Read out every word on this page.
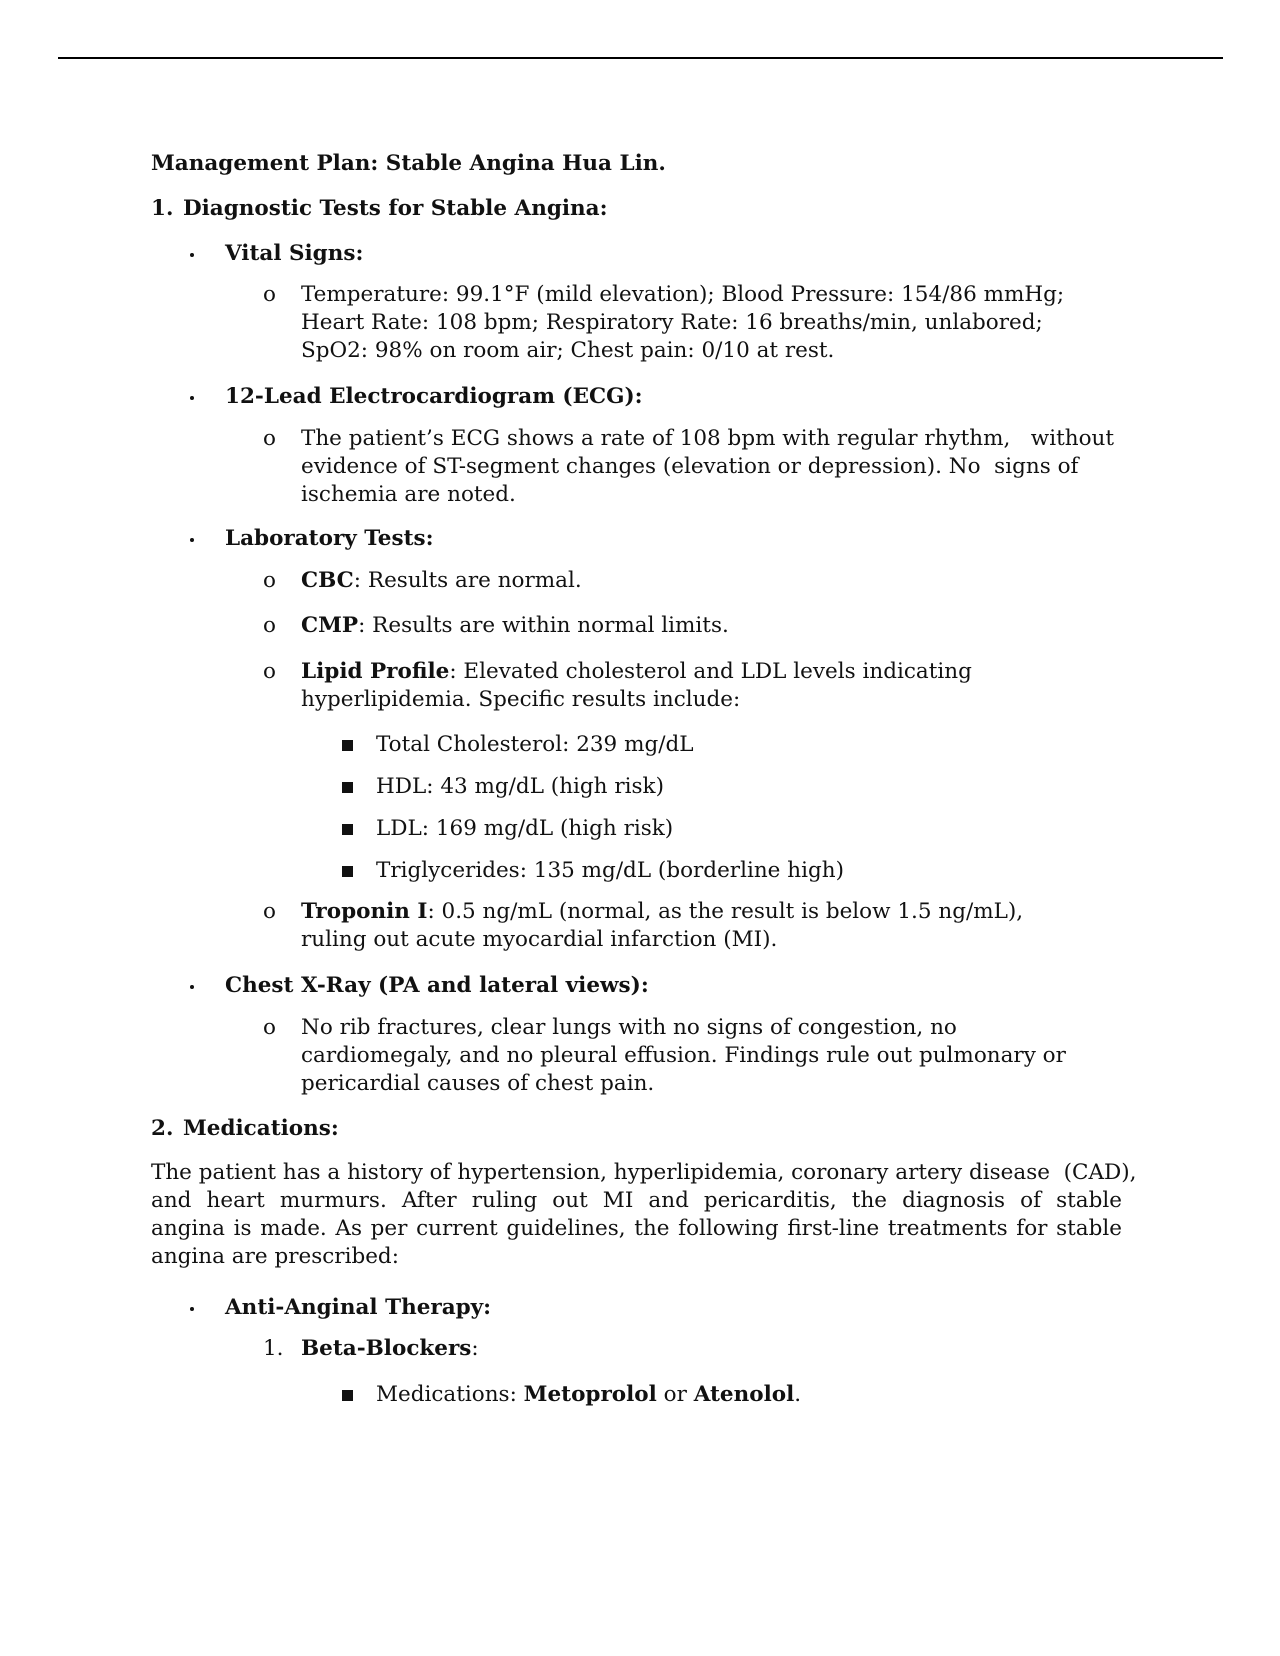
Management Plan: Stable Angina Hua Lin.
1. Diagnostic Tests for Stable Angina:
Vital Signs:
o Temperature: 99.1°F (mild elevation); Blood Pressure: 154/86 mmHg;
Heart Rate: 108 bpm; Respiratory Rate: 16 breaths/min, unlabored;
SpO2: 98% on room air; Chest pain: 0/10 at rest.
12-Lead Electrocardiogram (ECG):
o The patient’s ECG shows a rate of 108 bpm with regular rhythm,   without
evidence of ST-segment changes (elevation or depression). No  signs of
ischemia are noted.
Laboratory Tests:
o CBC: Results are normal.
o CMP: Results are within normal limits.
o Lipid Profile: Elevated cholesterol and LDL levels indicating
hyperlipidemia. Specific results include:
Total Cholesterol: 239 mg/dL
HDL: 43 mg/dL (high risk)
LDL: 169 mg/dL (high risk)
Triglycerides: 135 mg/dL (borderline high)
o Troponin I: 0.5 ng/mL (normal, as the result is below 1.5 ng/mL),
ruling out acute myocardial infarction (MI).
Chest X-Ray (PA and lateral views):
o No rib fractures, clear lungs with no signs of congestion, no
cardiomegaly, and no pleural effusion. Findings rule out pulmonary or
pericardial causes of chest pain.
2. Medications:
The patient has a history of hypertension, hyperlipidemia, coronary artery disease  (CAD),
and heart murmurs. After ruling out MI and pericarditis, the diagnosis of stable
angina is made. As per current guidelines, the following first-line treatments for stable
angina are prescribed:
Anti-Anginal Therapy:
1. Beta-Blockers:
Medications: Metoprolol or Atenolol.
